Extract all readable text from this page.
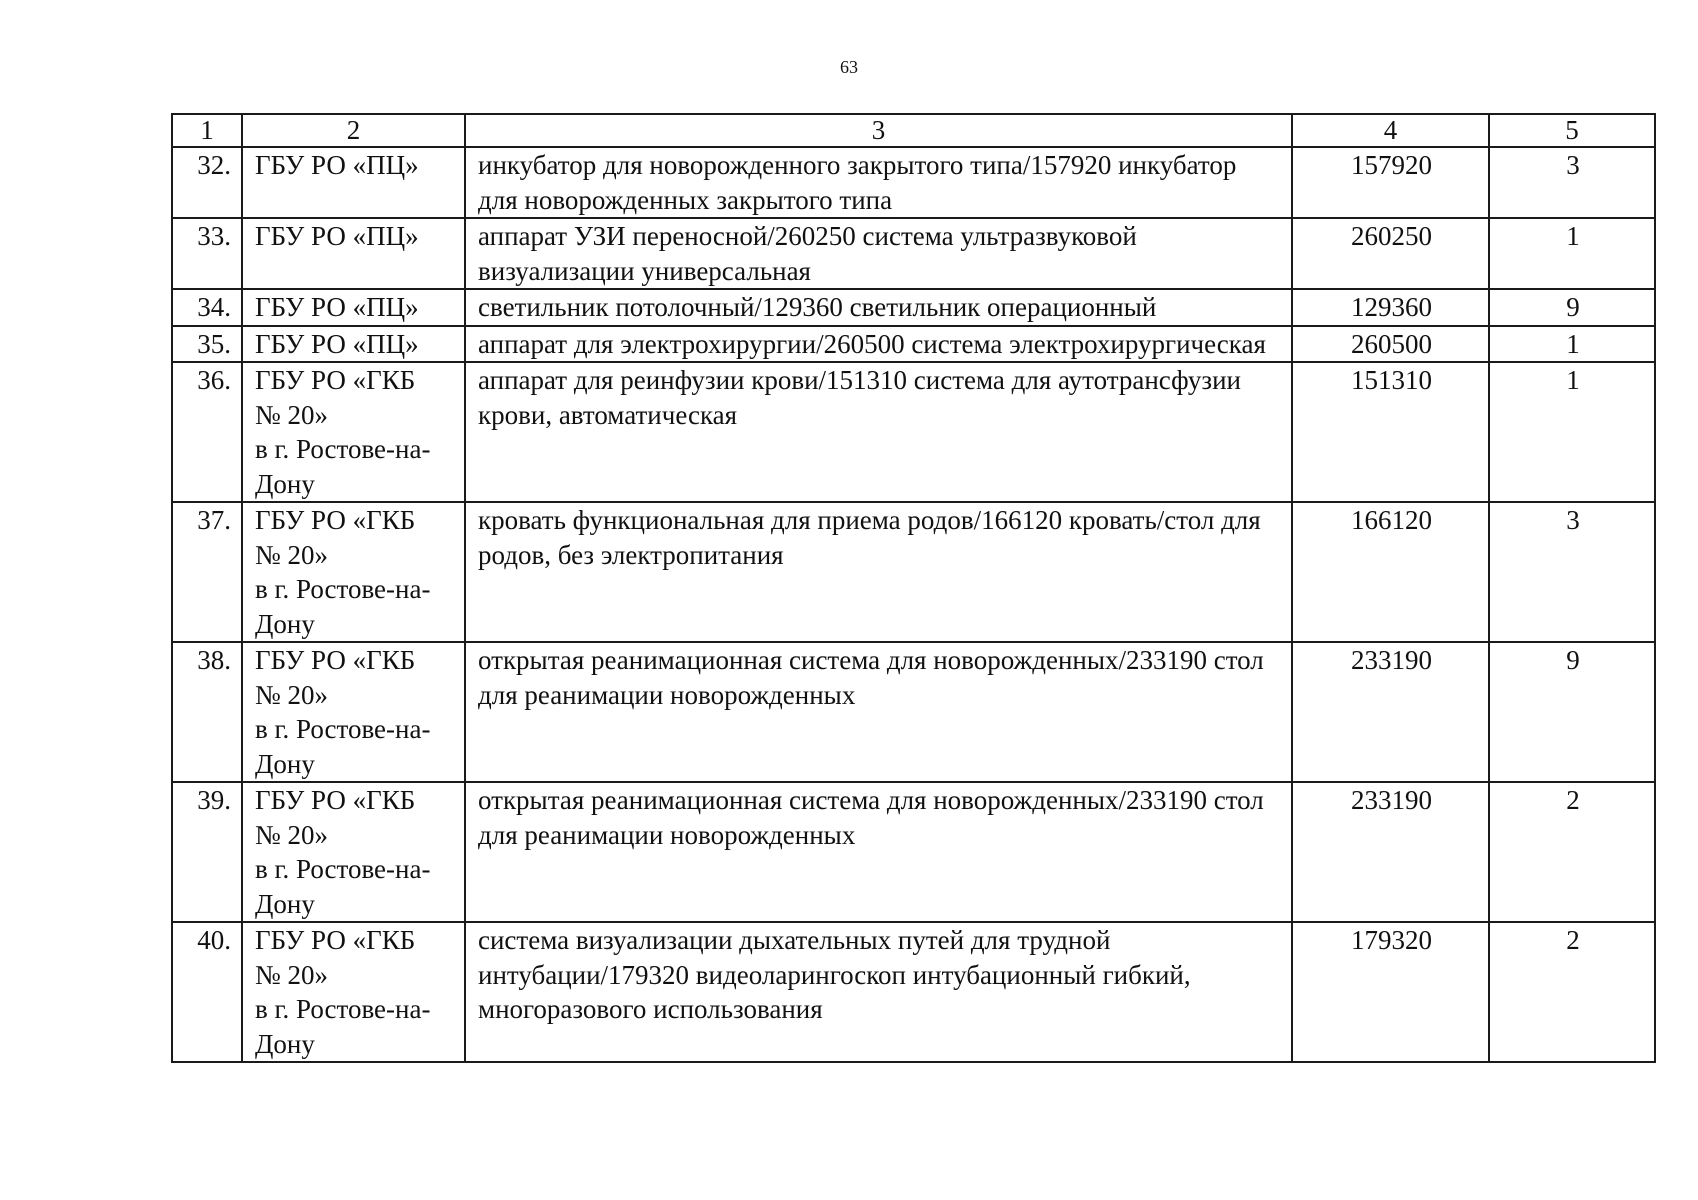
63
1	2	3	4	5
32.	ГБУ РО «ПЦ»	инкубатор для новорожденного закрытого типа/157920 инкубатор для новорожденных закрытого типа	157920	3
33.	ГБУ РО «ПЦ»	аппарат УЗИ переносной/260250 система ультразвуковой визуализации универсальная	260250	1
34.	ГБУ РО «ПЦ»	светильник потолочный/129360 светильник операционный	129360	9
35.	ГБУ РО «ПЦ»	аппарат для электрохирургии/260500 система электрохирургическая	260500	1
36.	ГБУ РО «ГКБ
№ 20»
в г. Ростове-на-
Дону	аппарат для реинфузии крови/151310 система для аутотрансфузии крови, автоматическая	151310	1
37.	ГБУ РО «ГКБ
№ 20»
в г. Ростове-на-
Дону	кровать функциональная для приема родов/166120 кровать/стол для родов, без электропитания	166120	3
38.	ГБУ РО «ГКБ
№ 20»
в г. Ростове-на-
Дону	открытая реанимационная система для новорожденных/233190 стол для реанимации новорожденных	233190	9
39.	ГБУ РО «ГКБ
№ 20»
в г. Ростове-на-
Дону	открытая реанимационная система для новорожденных/233190 стол для реанимации новорожденных	233190	2
40.	ГБУ РО «ГКБ
№ 20»
в г. Ростове-на-
Дону	система визуализации дыхательных путей для трудной интубации/179320 видеоларингоскоп интубационный гибкий, многоразового использования	179320	2
